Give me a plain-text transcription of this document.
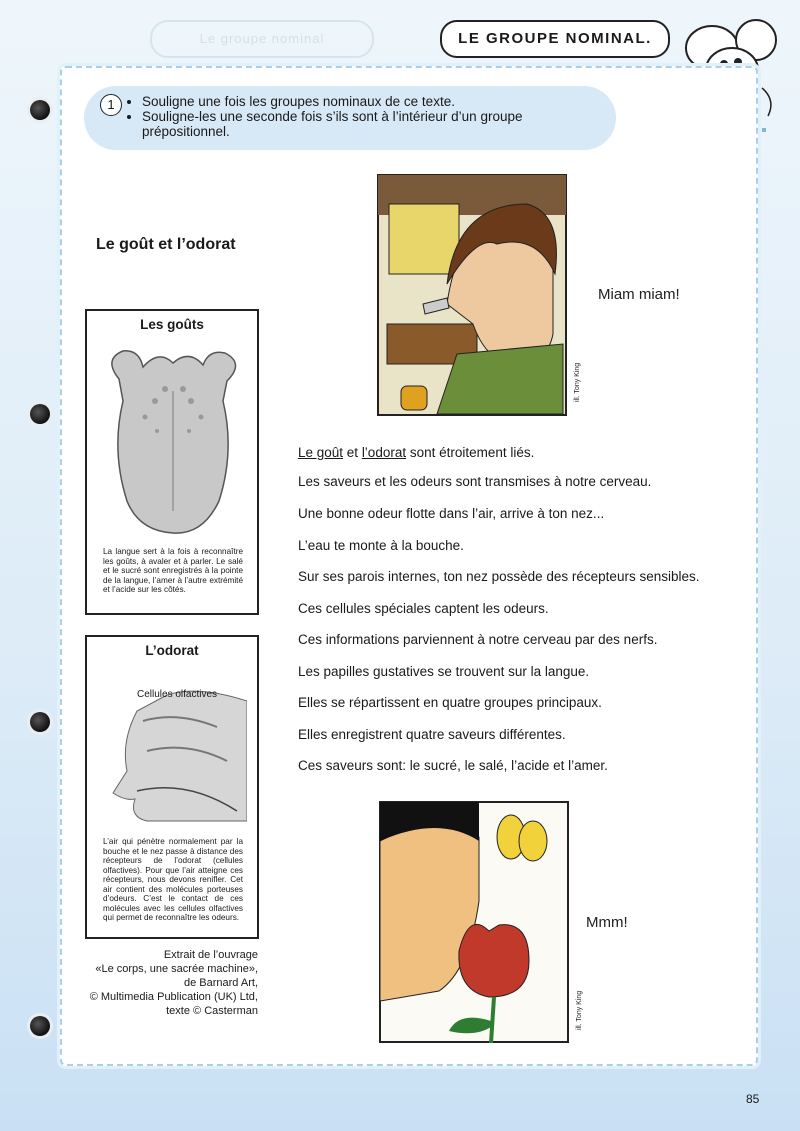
Le groupe nominal	LE GROUPE NOMINAL.
1
•	Souligne une fois les groupes nominaux de ce texte.
• Souligne-les une seconde fois s’ils sont à l’intérieur d’un groupe prépositionnel.
Le goût et l’odorat
Les goûts

La langue sert à la fois à reconnaître les goûts, à avaler et à parler. Le salé et le sucré sont enregistrés à la pointe de la langue, l’amer à l’autre extrémité et l’acide sur les côtés.

L’odorat
Cellules olfactives

L’air qui pénètre normalement par la bouche et le nez passe à distance des récepteurs de l’odorat (cellules olfactives). Pour que l’air atteigne ces récepteurs, nous devons renifler. Cet air contient des molécules porteuses d’odeurs. C’est le contact de ces molécules avec les cellules olfactives qui permet de reconnaître les odeurs.

Extrait de l’ouvrage
«Le corps, une sacrée machine»,
de Barnard Art,
© Multimedia Publication (UK) Ltd,
texte © Casterman
ill. Tony King
Miam miam!
Le goût et l’odorat sont étroitement liés.
Les saveurs et les odeurs sont transmises à notre cerveau.
Une bonne odeur flotte dans l’air, arrive à ton nez...
L’eau te monte à la bouche.
Sur ses parois internes, ton nez possède des récepteurs sensibles.
Ces cellules spéciales captent les odeurs.
Ces informations parviennent à notre cerveau par des nerfs.
Les papilles gustatives se trouvent sur la langue.
Elles se répartissent en quatre groupes principaux.
Elles enregistrent quatre saveurs différentes.
Ces saveurs sont: le sucré, le salé, l’acide et l’amer.
ill. Tony King
Mmm!
85
